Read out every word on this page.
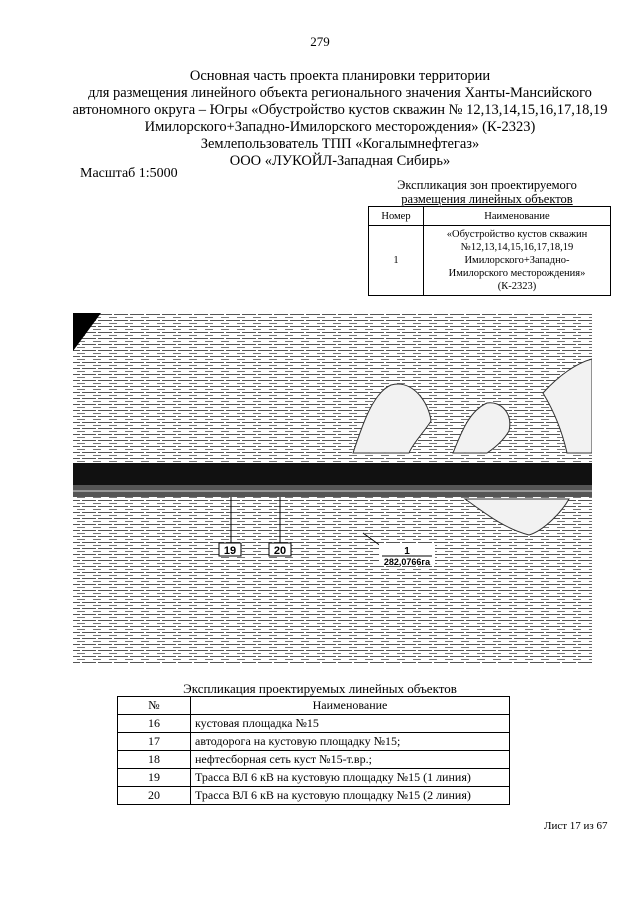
279
Основная часть проекта планировки территории
для размещения линейного объекта регионального значения Ханты-Мансийского
автономного округа – Югры «Обустройство кустов скважин № 12,13,14,15,16,17,18,19
Имилорского+Западно-Имилорского месторождения» (К-2323)
Землепользователь ТПП «Когалымнефтегаз»
ООО «ЛУКОЙЛ-Западная Сибирь»
Масштаб 1:5000
Экспликация зон проектируемого
размещения линейных объектов
Номер	Наименование
1	«Обустройство кустов скважин
№12,13,14,15,16,17,18,19
Имилорского+Западно-
Имилорского месторождения»
(К-2323)
19	20	1
282,0766га
Экспликация проектируемых линейных объектов
№	Наименование
16	кустовая площадка №15
17	автодорога на кустовую площадку №15;
18	нефтесборная сеть куст №15-т.вр.;
19	Трасса ВЛ 6 кВ на кустовую площадку №15 (1 линия)
20	Трасса ВЛ 6 кВ на кустовую площадку №15 (2 линия)
Лист 17 из 67
